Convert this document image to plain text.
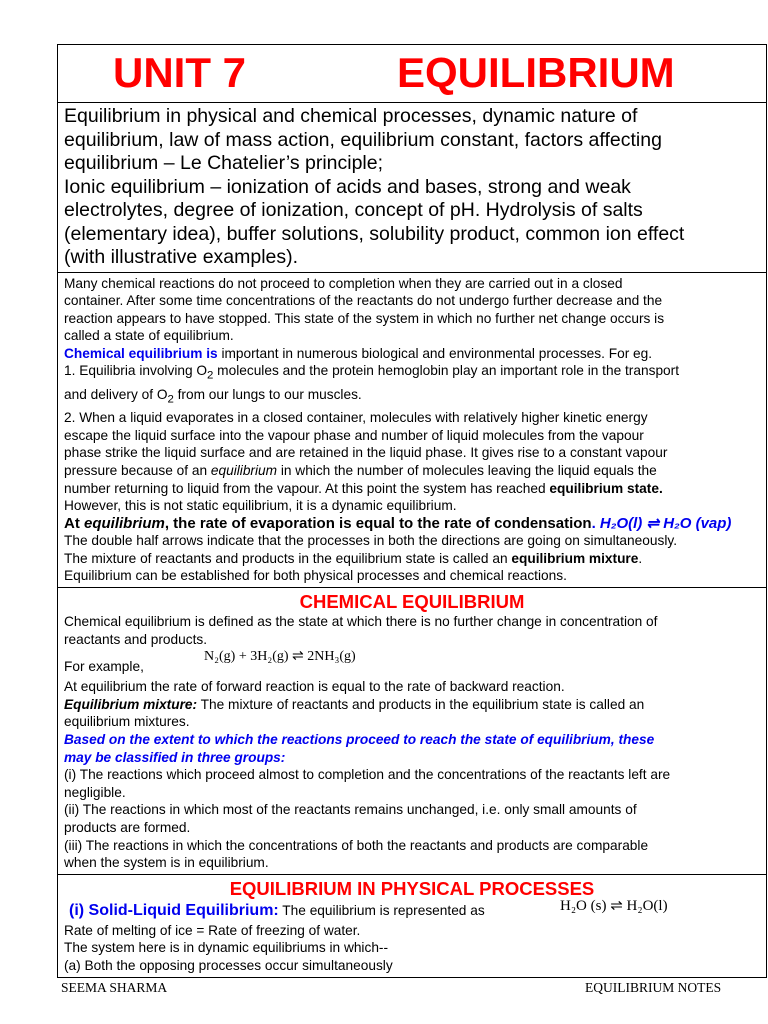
UNIT 7	EQUILIBRIUM
Equilibrium in physical and chemical processes, dynamic nature of
equilibrium, law of mass action, equilibrium constant, factors affecting
equilibrium – Le Chatelier’s principle;
Ionic equilibrium – ionization of acids and bases, strong and weak
electrolytes, degree of ionization, concept of pH. Hydrolysis of salts
(elementary idea), buffer solutions, solubility product, common ion effect
(with illustrative examples).
Many chemical reactions do not proceed to completion when they are carried out in a closed
container. After some time concentrations of the reactants do not undergo further decrease and the
reaction appears to have stopped. This state of the system in which no further net change occurs is
called a state of equilibrium.
Chemical equilibrium is important in numerous biological and environmental processes. For eg.
1. Equilibria involving $O_2$ molecules and the protein hemoglobin play an important role in the transport
and delivery of $O_2$ from our lungs to our muscles.
2. When a liquid evaporates in a closed container, molecules with relatively higher kinetic energy
escape the liquid surface into the vapour phase and number of liquid molecules from the vapour
phase strike the liquid surface and are retained in the liquid phase. It gives rise to a constant vapour
pressure because of an equilibrium in which the number of molecules leaving the liquid equals the
number returning to liquid from the vapour. At this point the system has reached equilibrium state.
However, this is not static equilibrium, it is a dynamic equilibrium.
At equilibrium, the rate of evaporation is equal to the rate of condensation. H₂O(l) ⇌ H₂O (vap)
The double half arrows indicate that the processes in both the directions are going on simultaneously.
The mixture of reactants and products in the equilibrium state is called an equilibrium mixture.
Equilibrium can be established for both physical processes and chemical reactions.
CHEMICAL EQUILIBRIUM
Chemical equilibrium is defined as the state at which there is no further change in concentration of
reactants and products.
For example,
N₂(g) + 3H₂(g) ⇌ 2NH₃(g)
At equilibrium the rate of forward reaction is equal to the rate of backward reaction.
Equilibrium mixture: The mixture of reactants and products in the equilibrium state is called an
equilibrium mixtures.
Based on the extent to which the reactions proceed to reach the state of equilibrium, these
may be classified in three groups:
(i) The reactions which proceed almost to completion and the concentrations of the reactants left are
negligible.
(ii) The reactions in which most of the reactants remains unchanged, i.e. only small amounts of
products are formed.
(iii) The reactions in which the concentrations of both the reactants and products are comparable
when the system is in equilibrium.
EQUILIBRIUM IN PHYSICAL PROCESSES
(i) Solid-Liquid Equilibrium: The equilibrium is represented as	H₂O (s) ⇌ H₂O(l)
Rate of melting of ice = Rate of freezing of water.
The system here is in dynamic equilibriums in which--
(a) Both the opposing processes occur simultaneously
SEEMA SHARMA	EQUILIBRIUM NOTES
